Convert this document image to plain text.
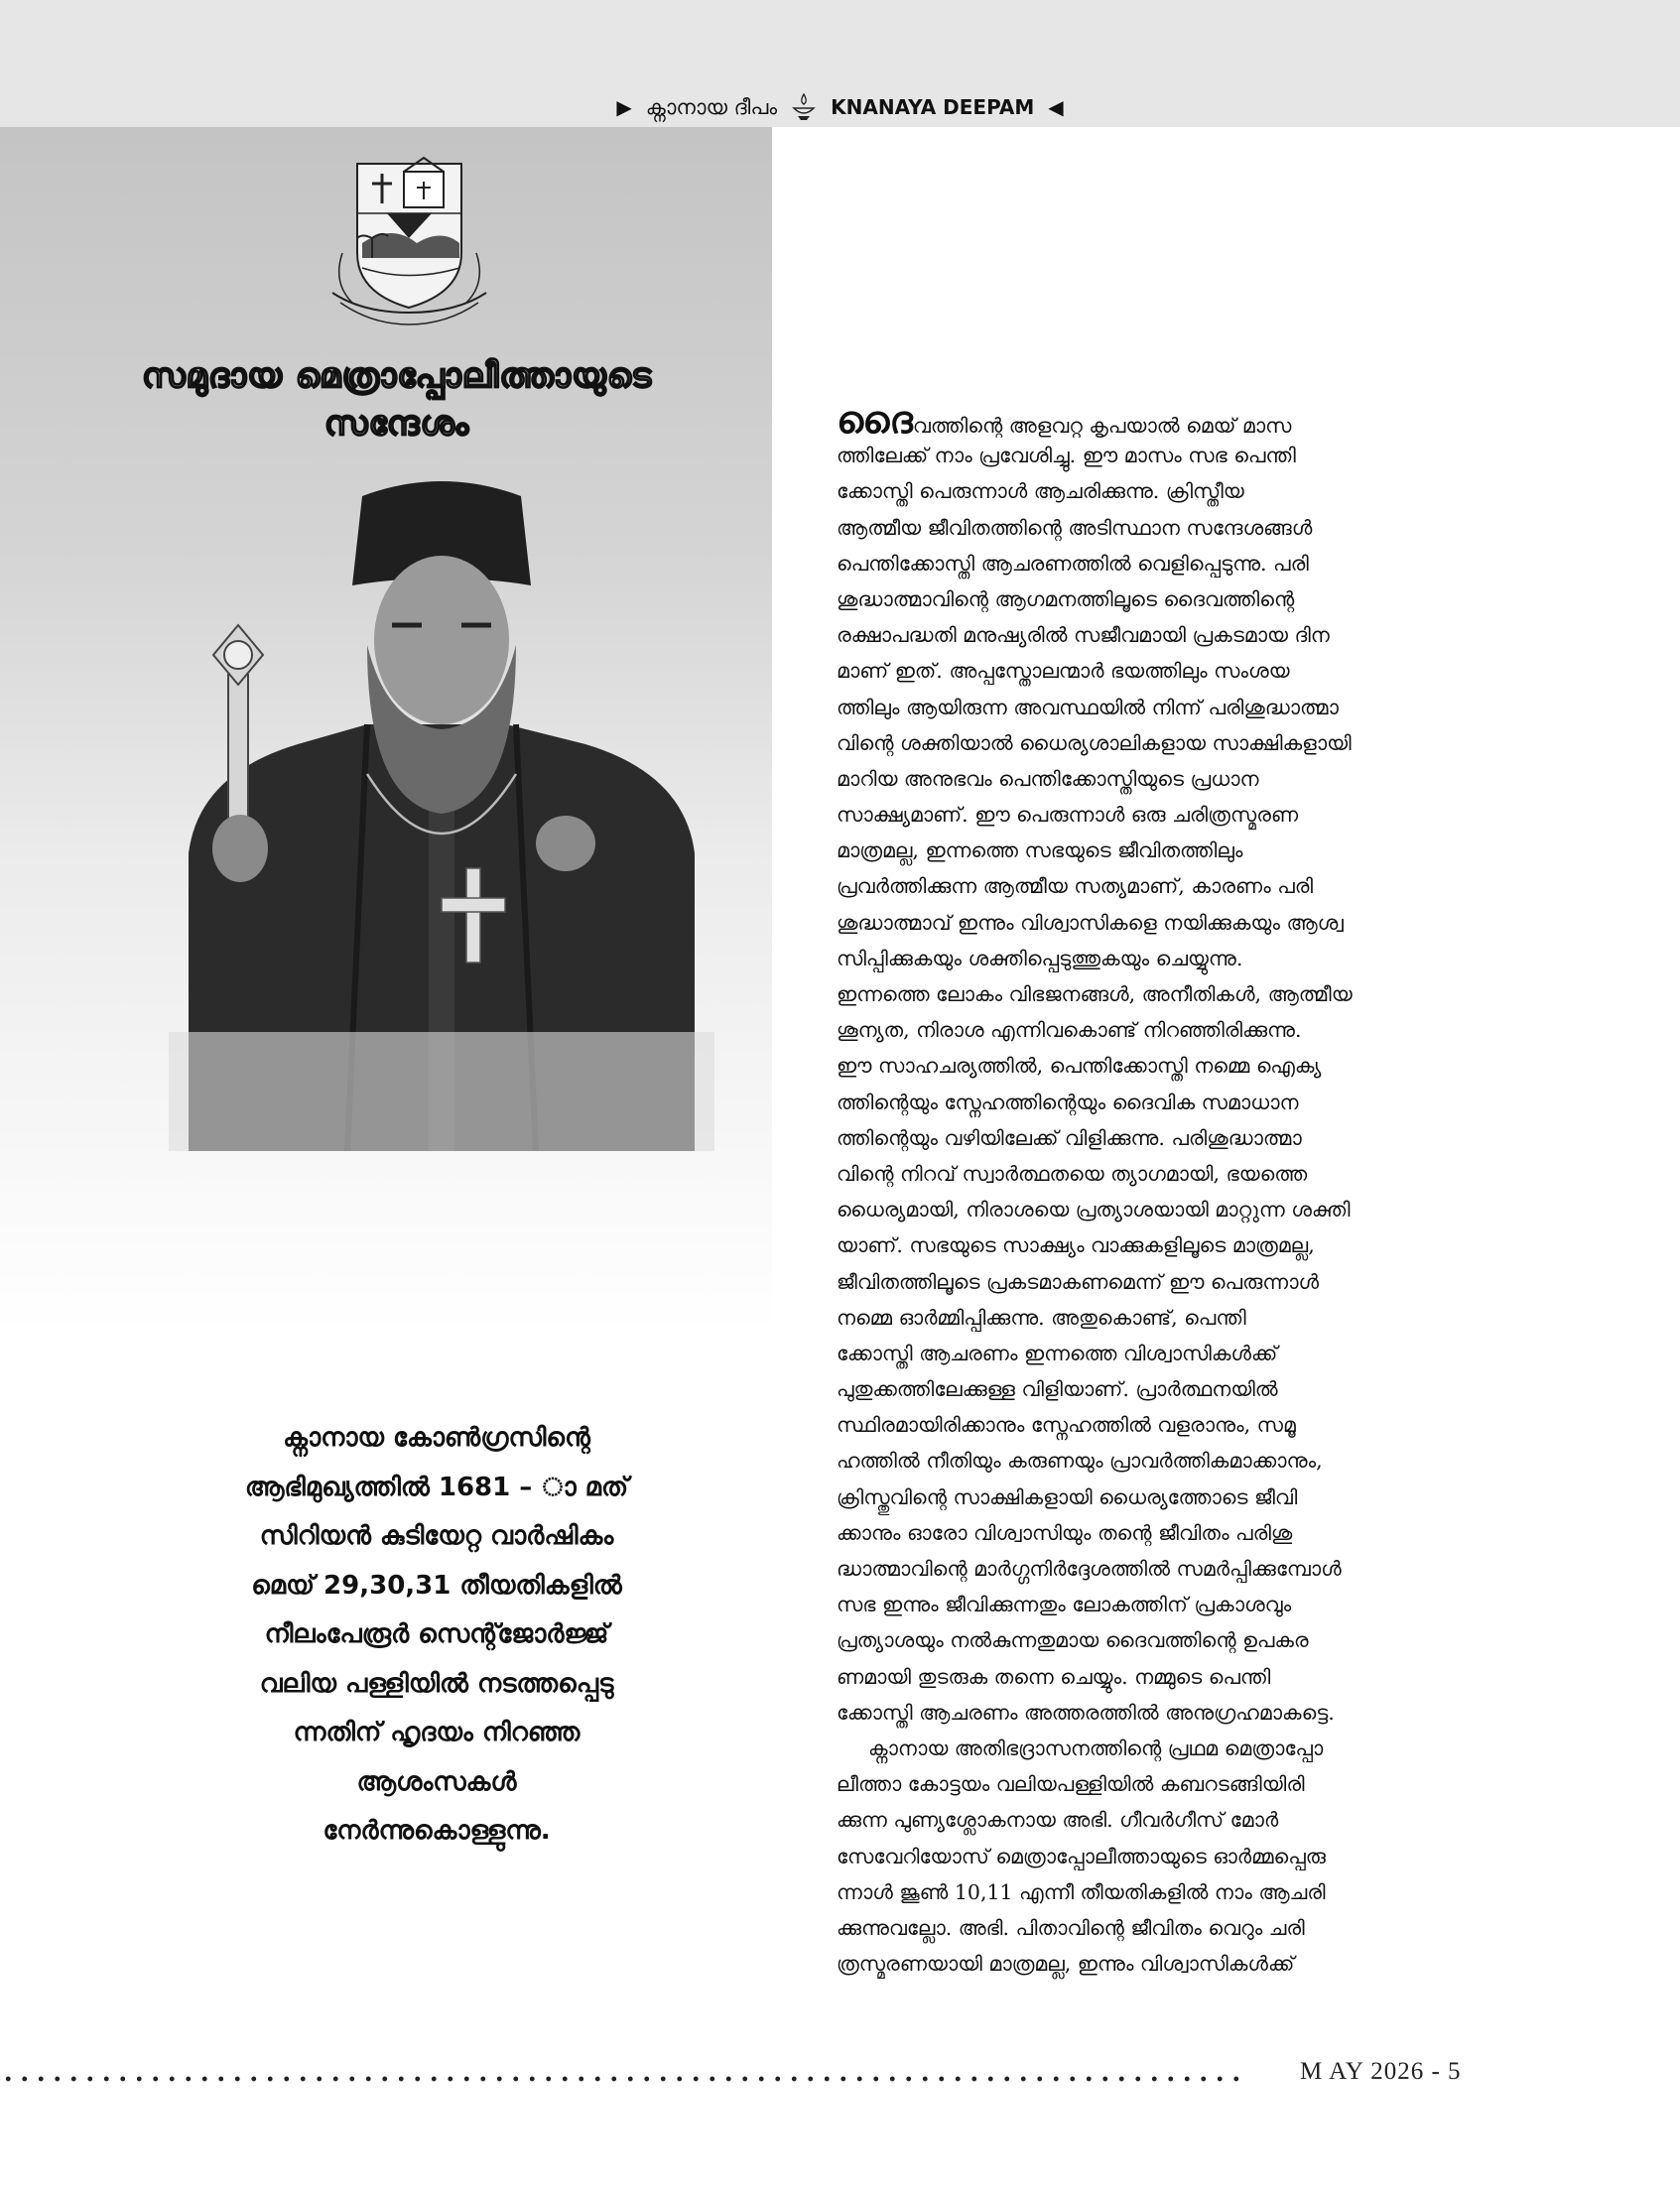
▶ ക്നാനായ ദീപം	KNANAYA DEEPAM ◀
സമുദായ മെത്രാപ്പോലീത്തായുടെ
സന്ദേശം
ക്നാനായ കോൺഗ്രസിന്റെ
ആഭിമുഖ്യത്തിൽ 1681 – ാ മത്
സിറിയൻ കുടിയേറ്റ വാർഷികം
മെയ് 29,30,31 തീയതികളിൽ
നീലംപേരൂർ സെന്റ്ജോർജ്ജ്
വലിയ പള്ളിയിൽ നടത്തപ്പെടു
ന്നതിന് ഹൃദയം നിറഞ്ഞ
ആശംസകൾ
നേർന്നുകൊള്ളുന്നു.
ദൈവത്തിന്റെ അളവറ്റ കൃപയാൽ മെയ് മാസ
ത്തിലേക്ക് നാം പ്രവേശിച്ചു. ഈ മാസം സഭ പെന്തി
ക്കോസ്തി പെരുന്നാൾ ആചരിക്കുന്നു. ക്രിസ്തീയ
ആത്മീയ ജീവിതത്തിന്റെ അടിസ്ഥാന സന്ദേശങ്ങൾ
പെന്തിക്കോസ്തി ആചരണത്തിൽ വെളിപ്പെടുന്നു. പരി
ശുദ്ധാത്മാവിന്റെ ആഗമനത്തിലൂടെ ദൈവത്തിന്റെ
രക്ഷാപദ്ധതി മനുഷ്യരിൽ സജീവമായി പ്രകടമായ ദിന
മാണ് ഇത്. അപ്പസ്തോലന്മാർ ഭയത്തിലും സംശയ
ത്തിലും ആയിരുന്ന അവസ്ഥയിൽ നിന്ന് പരിശുദ്ധാത്മാ
വിന്റെ ശക്തിയാൽ ധൈര്യശാലികളായ സാക്ഷികളായി
മാറിയ അനുഭവം പെന്തിക്കോസ്തിയുടെ പ്രധാന
സാക്ഷ്യമാണ്. ഈ പെരുന്നാൾ ഒരു ചരിത്രസ്മരണ
മാത്രമല്ല, ഇന്നത്തെ സഭയുടെ ജീവിതത്തിലും
പ്രവർത്തിക്കുന്ന ആത്മീയ സത്യമാണ്, കാരണം പരി
ശുദ്ധാത്മാവ് ഇന്നും വിശ്വാസികളെ നയിക്കുകയും ആശ്വ
സിപ്പിക്കുകയും ശക്തിപ്പെടുത്തുകയും ചെയ്യുന്നു.
ഇന്നത്തെ ലോകം വിഭജനങ്ങൾ, അനീതികൾ, ആത്മീയ
ശൂന്യത, നിരാശ എന്നിവകൊണ്ട് നിറഞ്ഞിരിക്കുന്നു.
ഈ സാഹചര്യത്തിൽ, പെന്തിക്കോസ്തി നമ്മെ ഐക്യ
ത്തിന്റെയും സ്നേഹത്തിന്റെയും ദൈവിക സമാധാന
ത്തിന്റെയും വഴിയിലേക്ക് വിളിക്കുന്നു. പരിശുദ്ധാത്മാ
വിന്റെ നിറവ് സ്വാർത്ഥതയെ ത്യാഗമായി, ഭയത്തെ
ധൈര്യമായി, നിരാശയെ പ്രത്യാശയായി മാറ്റുന്ന ശക്തി
യാണ്. സഭയുടെ സാക്ഷ്യം വാക്കുകളിലൂടെ മാത്രമല്ല,
ജീവിതത്തിലൂടെ പ്രകടമാകണമെന്ന് ഈ പെരുന്നാൾ
നമ്മെ ഓർമ്മിപ്പിക്കുന്നു. അതുകൊണ്ട്, പെന്തി
ക്കോസ്തി ആചരണം ഇന്നത്തെ വിശ്വാസികൾക്ക്
പുതുക്കത്തിലേക്കുള്ള വിളിയാണ്. പ്രാർത്ഥനയിൽ
സ്ഥിരമായിരിക്കാനും സ്നേഹത്തിൽ വളരാനും, സമൂ
ഹത്തിൽ നീതിയും കരുണയും പ്രാവർത്തികമാക്കാനും,
ക്രിസ്തുവിന്റെ സാക്ഷികളായി ധൈര്യത്തോടെ ജീവി
ക്കാനും ഓരോ വിശ്വാസിയും തന്റെ ജീവിതം പരിശു
ദ്ധാത്മാവിന്റെ മാർഗ്ഗനിർദ്ദേശത്തിൽ സമർപ്പിക്കുമ്പോൾ
സഭ ഇന്നും ജീവിക്കുന്നതും ലോകത്തിന് പ്രകാശവും
പ്രത്യാശയും നൽകുന്നതുമായ ദൈവത്തിന്റെ ഉപകര
ണമായി തുടരുക തന്നെ ചെയ്യും. നമ്മുടെ പെന്തി
ക്കോസ്തി ആചരണം അത്തരത്തിൽ അനുഗ്രഹമാകട്ടെ.
ക്നാനായ അതിഭദ്രാസനത്തിന്റെ പ്രഥമ മെത്രാപ്പോ
ലീത്താ കോട്ടയം വലിയപള്ളിയിൽ കബറടങ്ങിയിരി
ക്കുന്ന പുണ്യശ്ലോകനായ അഭി. ഗീവർഗീസ് മോർ
സേവേറിയോസ് മെത്രാപ്പോലീത്തായുടെ ഓർമ്മപ്പെരു
ന്നാൾ ജൂൺ 10,11 എന്നീ തീയതികളിൽ നാം ആചരി
ക്കുന്നുവല്ലോ. അഭി. പിതാവിന്റെ ജീവിതം വെറും ചരി
ത്രസ്മരണയായി മാത്രമല്ല, ഇന്നും വിശ്വാസികൾക്ക്
M AY 2026 - 5
